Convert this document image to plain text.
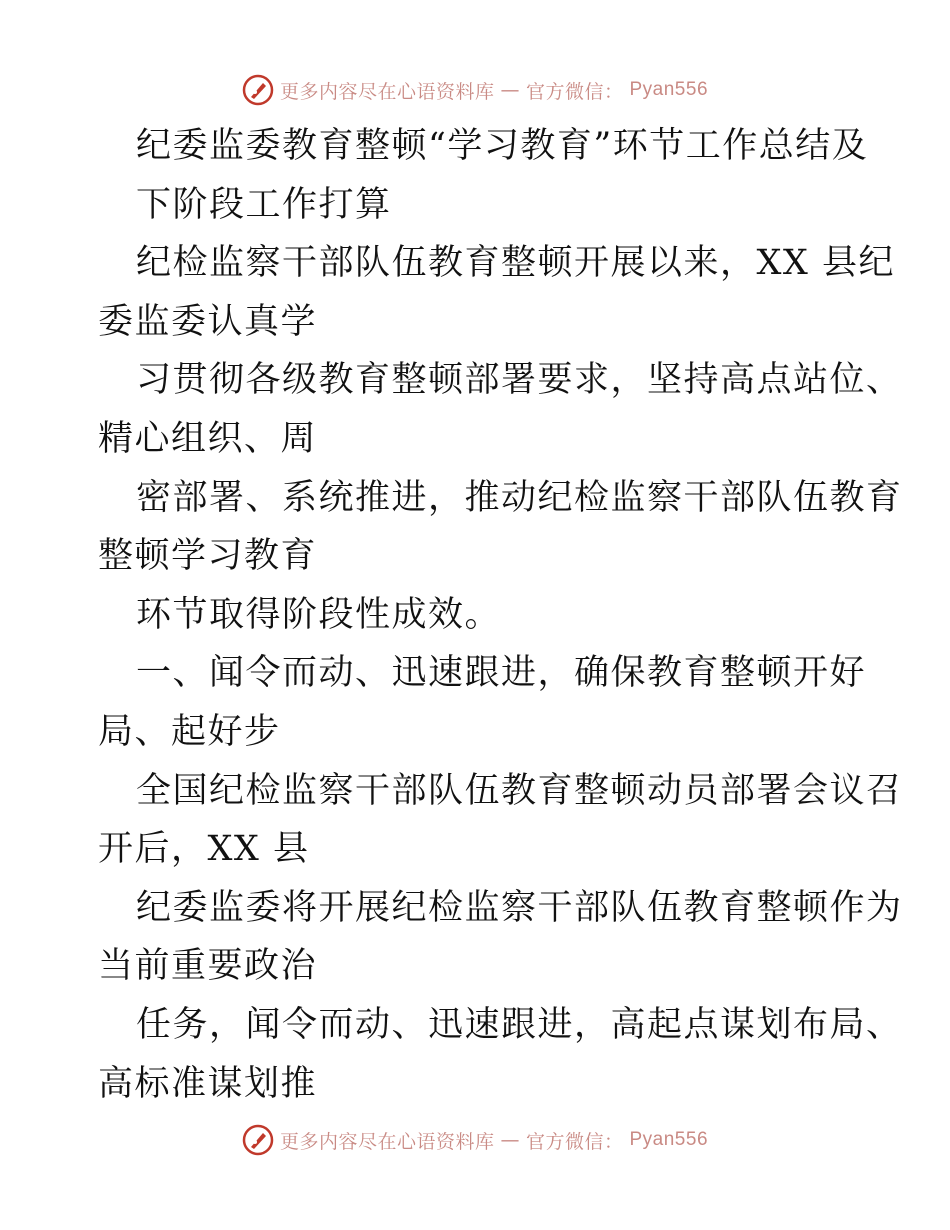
更多内容尽在心语资料库 — 官方微信： Pyan556
纪委监委教育整顿“学习教育”环节工作总结及
下阶段工作打算
纪检监察干部队伍教育整顿开展以来，XX 县纪
委监委认真学
习贯彻各级教育整顿部署要求，坚持高点站位、
精心组织、周
密部署、系统推进，推动纪检监察干部队伍教育
整顿学习教育
环节取得阶段性成效。
一、闻令而动、迅速跟进，确保教育整顿开好
局、起好步
全国纪检监察干部队伍教育整顿动员部署会议召
开后，XX 县
纪委监委将开展纪检监察干部队伍教育整顿作为
当前重要政治
任务，闻令而动、迅速跟进，高起点谋划布局、
高标准谋划推
更多内容尽在心语资料库 — 官方微信： Pyan556
